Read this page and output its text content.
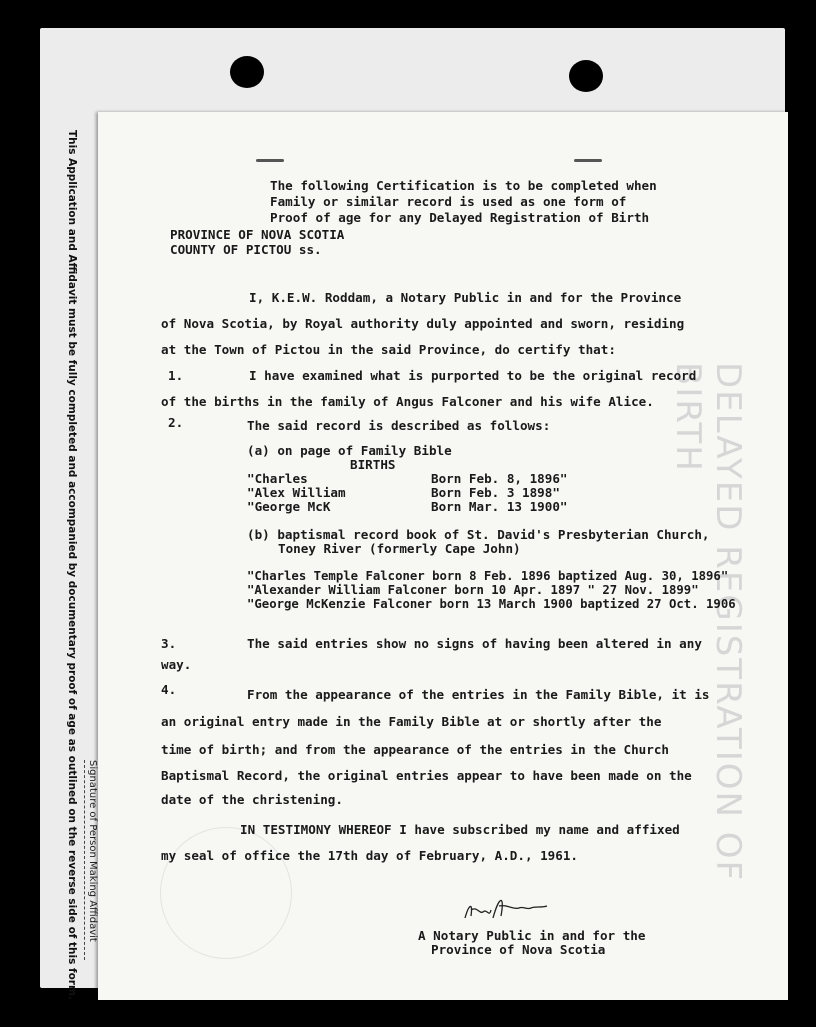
This Application and Affidavit must be fully completed and accompanied by documentary proof of age as outlined on the reverse side of this form. Signature of Person Making Affidavit	DELAYED REGISTRATION OF BIRTH
The following Certification is to be completed when
Family or similar record is used as one form of
Proof of age for any Delayed Registration of Birth
PROVINCE OF NOVA SCOTIA
COUNTY OF PICTOU ss.
I, K.E.W. Roddam, a Notary Public in and for the Province
of Nova Scotia, by Royal authority duly appointed and sworn, residing
at the Town of Pictou in the said Province, do certify that:
1.	I have examined what is purported to be the original record
of the births in the family of Angus Falconer and his wife Alice.
2.	The said record is described as follows:
(a) on page of Family Bible
BIRTHS
"Charles	Born Feb. 8, 1896"
"Alex William	Born Feb. 3 1898"
"George McK	Born Mar. 13 1900"
(b) baptismal record book of St. David's Presbyterian Church,
Toney River (formerly Cape John)
"Charles Temple Falconer born 8 Feb. 1896 baptized Aug. 30, 1896"
"Alexander William Falconer born 10 Apr. 1897 " 27 Nov. 1899"
"George McKenzie Falconer born 13 March 1900 baptized 27 Oct. 1906
3.	The said entries show no signs of having been altered in any
way.
4.	From the appearance of the entries in the Family Bible, it is
an original entry made in the Family Bible at or shortly after the
time of birth; and from the appearance of the entries in the Church
Baptismal Record, the original entries appear to have been made on the
date of the christening.
IN TESTIMONY WHEREOF I have subscribed my name and affixed
my seal of office the 17th day of February, A.D., 1961.
A Notary Public in and for the
Province of Nova Scotia
